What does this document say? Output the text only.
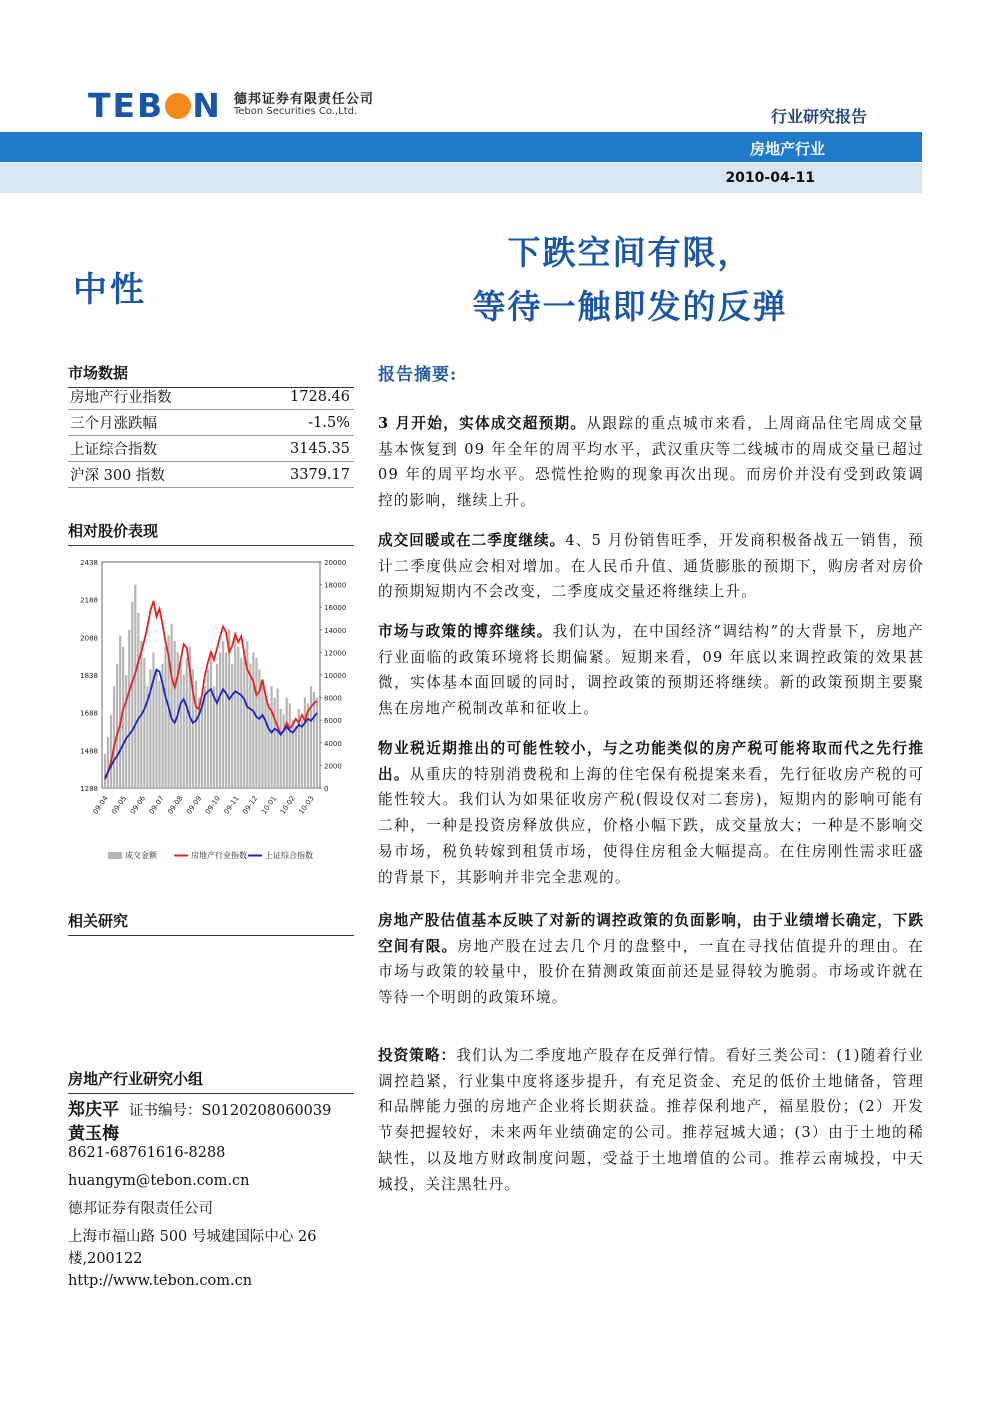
TEB N 德邦证券有限责任公司
Tebon Securities Co.,Ltd.	行业研究报告
房地产行业
2010-04-11
中性
下跌空间有限，
等待一触即发的反弹
市场数据
房地产行业指数	1728.46
三个月涨跌幅	-1.5%
上证综合指数	3145.35
沪深 300 指数	3379.17
相对股价表现
2438
2188
2088
1838
1688
1488
1288
20000
18000
16000
14000
12000
10000
8000
6000
4000
2000
0
09-04 09-05 09-06 09-07 09-08 09-09 09-10 09-11 09-12 10-01 10-02 10-03
成交金额	房地产行业指数 上证综合指数
相关研究
房地产行业研究小组
郑庆平 证书编号：S0120208060039
黄玉梅
8621-68761616-8288
huangym@tebon.com.cn
德邦证券有限责任公司
上海市福山路 500 号城建国际中心 26 楼,200122
http://www.tebon.com.cn
报告摘要:
3 月开始，实体成交超预期。从跟踪的重点城市来看，上周商品住宅周成交量基本恢复到 09 年全年的周平均水平，武汉重庆等二线城市的周成交量已超过 09 年的周平均水平。恐慌性抢购的现象再次出现。而房价并没有受到政策调控的影响，继续上升。
成交回暖或在二季度继续。4、5 月份销售旺季，开发商积极备战五一销售，预计二季度供应会相对增加。在人民币升值、通货膨胀的预期下，购房者对房价的预期短期内不会改变，二季度成交量还将继续上升。
市场与政策的博弈继续。我们认为，在中国经济“调结构”的大背景下，房地产行业面临的政策环境将长期偏紧。短期来看，09 年底以来调控政策的效果甚微，实体基本面回暖的同时，调控政策的预期还将继续。新的政策预期主要聚焦在房地产税制改革和征收上。
物业税近期推出的可能性较小，与之功能类似的房产税可能将取而代之先行推出。从重庆的特别消费税和上海的住宅保有税提案来看，先行征收房产税的可能性较大。我们认为如果征收房产税(假设仅对二套房)，短期内的影响可能有二种，一种是投资房释放供应，价格小幅下跌，成交量放大；一种是不影响交易市场，税负转嫁到租赁市场，使得住房租金大幅提高。在住房刚性需求旺盛的背景下，其影响并非完全悲观的。
房地产股估值基本反映了对新的调控政策的负面影响，由于业绩增长确定，下跌空间有限。房地产股在过去几个月的盘整中，一直在寻找估值提升的理由。在市场与政策的较量中，股价在猜测政策面前还是显得较为脆弱。市场或许就在等待一个明朗的政策环境。
投资策略：我们认为二季度地产股存在反弹行情。看好三类公司：(1)随着行业调控趋紧，行业集中度将逐步提升，有充足资金、充足的低价土地储备，管理和品牌能力强的房地产企业将长期获益。推荐保利地产，福星股份；(2）开发节奏把握较好，未来两年业绩确定的公司。推荐冠城大通；(3）由于土地的稀缺性，以及地方财政制度问题，受益于土地增值的公司。推荐云南城投，中天城投，关注黑牡丹。
